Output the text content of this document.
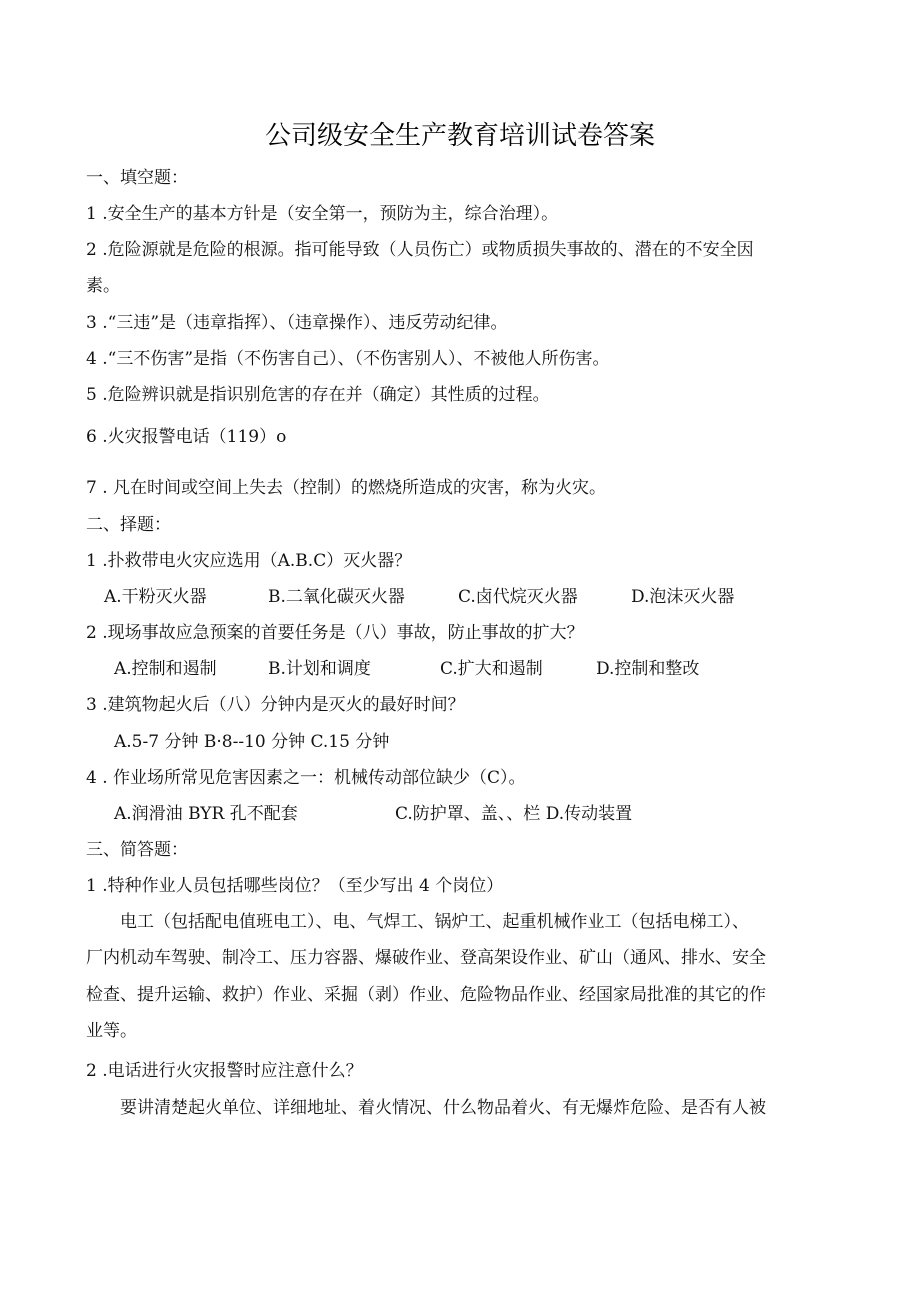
公司级安全生产教育培训试卷答案
一、填空题：
1 .安全生产的基本方针是（安全第一，预防为主，综合治理）。
2 .危险源就是危险的根源。指可能导致（人员伤亡）或物质损失事故的、潜在的不安全因
素。
3 .“三违”是（违章指挥）、（违章操作）、违反劳动纪律。
4 .“三不伤害”是指（不伤害自己）、（不伤害别人）、不被他人所伤害。
5 .危险辨识就是指识别危害的存在并（确定）其性质的过程。
6 .火灾报警电话（119）o
7 . 凡在时间或空间上失去（控制）的燃烧所造成的灾害，称为火灾。
二、择题：
1 .扑救带电火灾应选用（A.B.C）灭火器？
A.干粉灭火器	B.二氧化碳灭火器	C.卤代烷灭火器	D.泡沫灭火器
2 .现场事故应急预案的首要任务是（八）事故，防止事故的扩大？
A.控制和遏制	B.计划和调度	C.扩大和遏制	D.控制和整改
3 .建筑物起火后（八）分钟内是灭火的最好时间？
A.5-7 分钟 B·8--10 分钟 C.15 分钟
4 . 作业场所常见危害因素之一：机械传动部位缺少（C）。
A.润滑油 BYR 孔不配套	C.防护罩、盖、、栏 D.传动装置
三、简答题：
1 .特种作业人员包括哪些岗位？（至少写出 4 个岗位）
电工（包括配电值班电工）、电、气焊工、锅炉工、起重机械作业工（包括电梯工）、
厂内机动车驾驶、制冷工、压力容器、爆破作业、登高架设作业、矿山（通风、排水、安全
检查、提升运输、救护）作业、采掘（剥）作业、危险物品作业、经国家局批准的其它的作
业等。
2 .电话进行火灾报警时应注意什么？
要讲清楚起火单位、详细地址、着火情况、什么物品着火、有无爆炸危险、是否有人被
